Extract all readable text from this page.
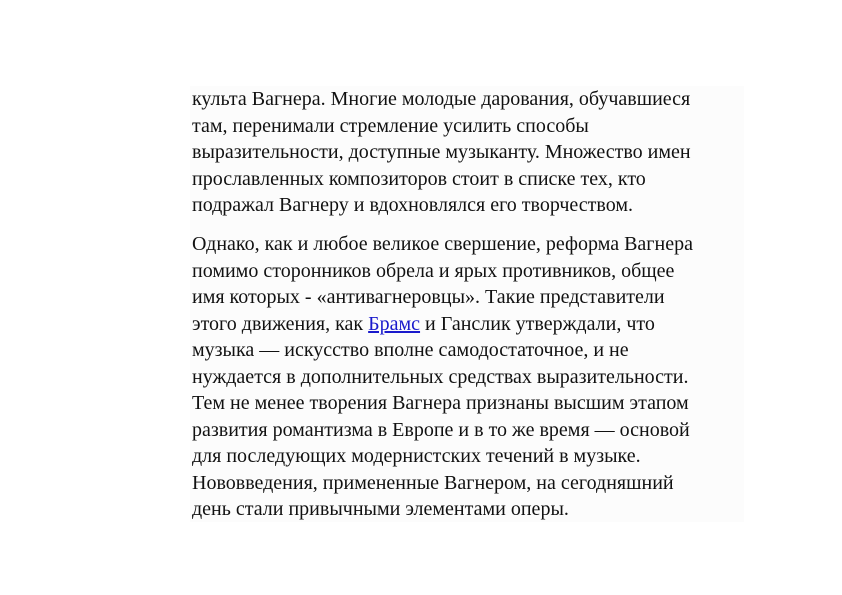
культа Вагнера. Многие молодые дарования, обучавшиеся
там, перенимали стремление усилить способы
выразительности, доступные музыканту. Множество имен
прославленных композиторов стоит в списке тех, кто
подражал Вагнеру и вдохновлялся его творчеством.

Однако, как и любое великое свершение, реформа Вагнера
помимо сторонников обрела и ярых противников, общее
имя которых - «антивагнеровцы». Такие представители
этого движения, как Брамс и Ганслик утверждали, что
музыка — искусство вполне самодостаточное, и не
нуждается в дополнительных средствах выразительности.
Тем не менее творения Вагнера признаны высшим этапом
развития романтизма в Европе и в то же время — основой
для последующих модернистских течений в музыке.
Нововведения, примененные Вагнером, на сегодняшний
день стали привычными элементами оперы.
